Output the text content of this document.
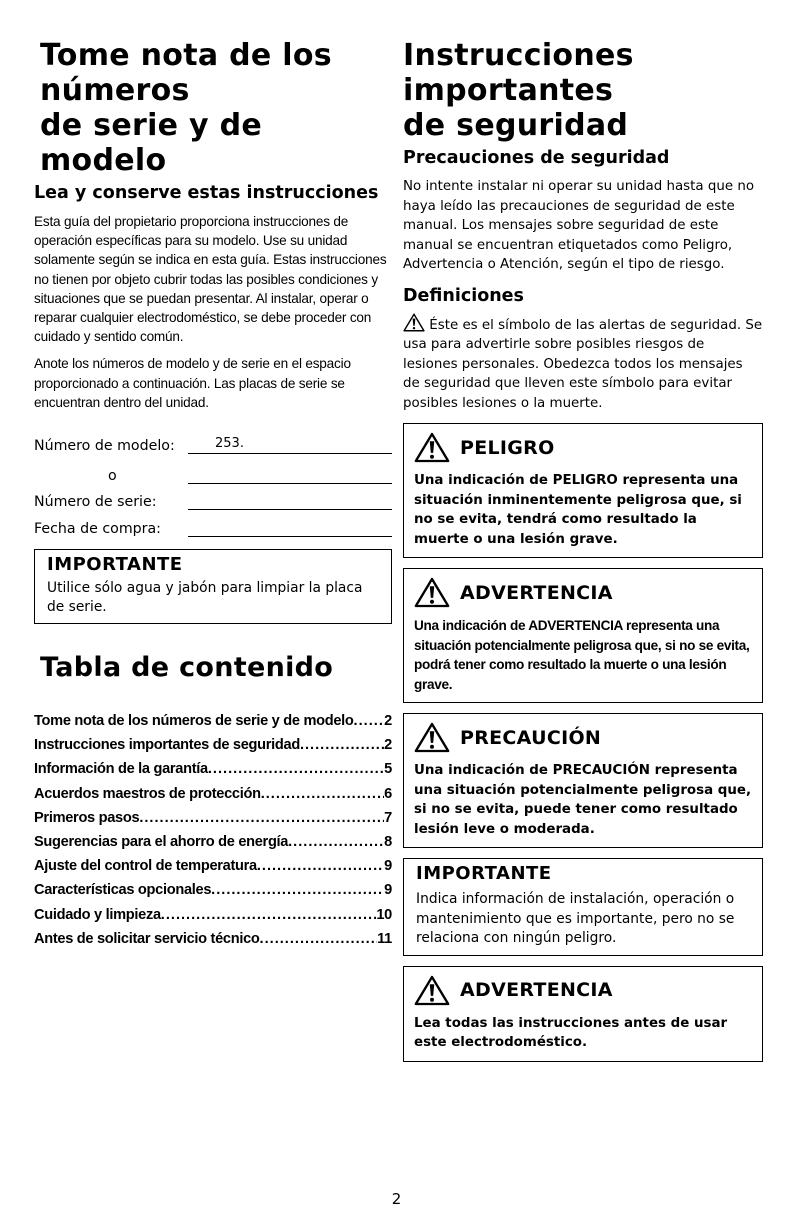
Tome nota de los números
de serie y de modelo
Lea y conserve estas instrucciones

Esta guía del propietario proporciona instrucciones de operación específicas para su modelo. Use su unidad solamente según se indica en esta guía. Estas instrucciones no tienen por objeto cubrir todas las posibles condiciones y situaciones que se puedan presentar. Al instalar, operar o reparar cualquier electrodoméstico, se debe proceder con cuidado y sentido común.

Anote los números de modelo y de serie en el espacio proporcionado a continuación. Las placas de serie se encuentran dentro del unidad.

Número de modelo:	253.
o
Número de serie:
Fecha de compra:
IMPORTANTE
Utilice sólo agua y jabón para limpiar la placa de serie.
Tabla de contenido
Tome nota de los números de serie y de modelo ..... 2
Instrucciones importantes de seguridad .....	2
Información de la garantía .....	5
Acuerdos maestros de protección .....	6
Primeros pasos .....	7
Sugerencias para el ahorro de energía .....	8
Ajuste del control de temperatura .....	9
Características opcionales .....	9
Cuidado y limpieza .....	10
Antes de solicitar servicio técnico .....	11
Instrucciones importantes
de seguridad
Precauciones de seguridad

No intente instalar ni operar su unidad hasta que no haya leído las precauciones de seguridad de este manual. Los mensajes sobre seguridad de este manual se encuentran etiquetados como Peligro, Advertencia o Atención, según el tipo de riesgo.

Definiciones

Éste es el símbolo de las alertas de seguridad. Se usa para advertirle sobre posibles riesgos de lesiones personales. Obedezca todos los mensajes de seguridad que lleven este símbolo para evitar posibles lesiones o la muerte.

PELIGRO
Una indicación de PELIGRO representa una situación inminentemente peligrosa que, si no se evita, tendrá como resultado la muerte o una lesión grave.
ADVERTENCIA
Una indicación de ADVERTENCIA representa una situación potencialmente peligrosa que, si no se evita, podrá tener como resultado la muerte o una lesión grave.
PRECAUCIÓN
Una indicación de PRECAUCIÓN representa una situación potencialmente peligrosa que, si no se evita, puede tener como resultado lesión leve o moderada.
IMPORTANTE
Indica información de instalación, operación o mantenimiento que es importante, pero no se relaciona con ningún peligro.
ADVERTENCIA
Lea todas las instrucciones antes de usar este electrodoméstico.
2
